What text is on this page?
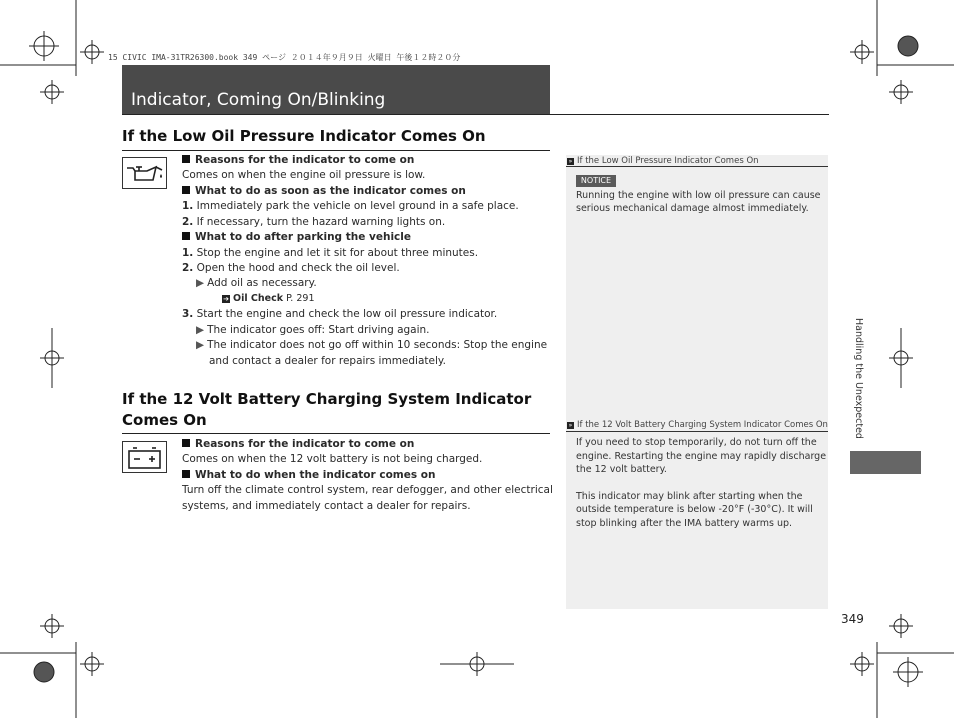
15 CIVIC IMA-31TR26300.book 349 ページ ２０１４年９月９日 火曜日 午後１２時２０分
Indicator, Coming On/Blinking
If the Low Oil Pressure Indicator Comes On
Reasons for the indicator to come on
Comes on when the engine oil pressure is low.
What to do as soon as the indicator comes on
1. Immediately park the vehicle on level ground in a safe place.
2. If necessary, turn the hazard warning lights on.
What to do after parking the vehicle
1. Stop the engine and let it sit for about three minutes.
2. Open the hood and check the oil level.
▶ Add oil as necessary.
➔ Oil Check P. 291
3. Start the engine and check the low oil pressure indicator.
▶ The indicator goes off: Start driving again.
▶ The indicator does not go off within 10 seconds: Stop the engine
and contact a dealer for repairs immediately.
If the 12 Volt Battery Charging System Indicator
Comes On
Reasons for the indicator to come on
Comes on when the 12 volt battery is not being charged.
What to do when the indicator comes on
Turn off the climate control system, rear defogger, and other electrical
systems, and immediately contact a dealer for repairs.
» If the Low Oil Pressure Indicator Comes On
NOTICE
Running the engine with low oil pressure can cause
serious mechanical damage almost immediately.
» If the 12 Volt Battery Charging System Indicator Comes On
If you need to stop temporarily, do not turn off the
engine. Restarting the engine may rapidly discharge
the 12 volt battery.
This indicator may blink after starting when the
outside temperature is below -20°F (-30°C). It will
stop blinking after the IMA battery warms up.
Handling the Unexpected
349
